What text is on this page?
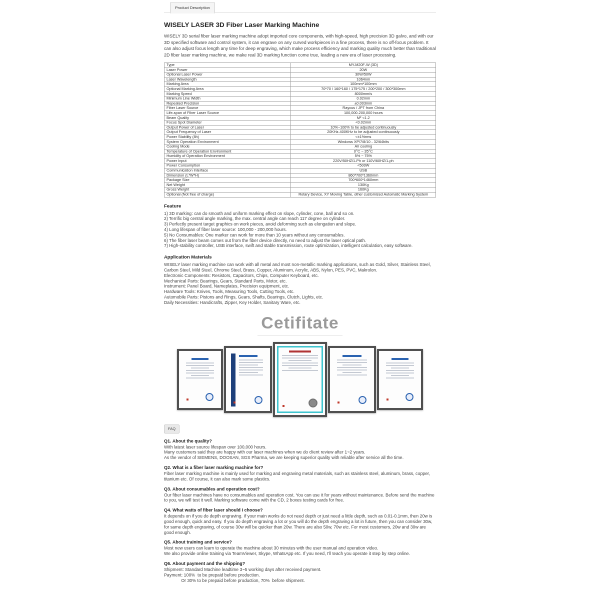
Product Description
WISELY LASER 3D Fiber Laser Marking Machine

WISELY 3D serial fiber laser marking machine adopt imported core components, with high-speed, high precision 3D galvo, and with our 3D specified software and control system, it can engrave on any curved workpieces in a fine process, there is no off-focus problem. It can also adjust focus length any time for deep engraving, which make process efficiency and marking quality much better than traditional 2D fiber laser marking machine, we make real 3D marking function come true, leading a new era of laser processing.

Type	MY-M20F-W (3D)
Laser Power	20W
Optional Laser Power	30W/50W
Laser Wavelength	1064nm
Marking Area	100mm*100mm
Optional Marking Area	70*70 / 160*160 / 175*175 / 200*200 / 300*300mm
Marking Speed	8000mm/s
Minimum Line Width	0.02mm
Repeated Precision	±0.003mm
Fiber Laser Source	Raycus / JPT from China
Life-span of Fiber Laser Source	100,000-200,000 hours
Beam Quality	M² <1.2
Focus Spot Diameter	<0.02mm
Output Power of Laser	10%~100% to be adjusted continuously
Output Frequency of Laser	20KHz-400KHz to be adjusted continuously
Power Stability (8h)	<±1%rms
System Operation Environment	Windows XP/7/8/10 - 32/64bits
Cooling Mode	Air cooling
Temperature of Operation Environment	0°C ~ 35°C
Humidity of Operation Environment	5% ~ 75%
Power Input	220V/50HZ/1-Ph or 110V/60HZ/1-ph
Power Consumption	<500W
Communication Interface	USB
Dimension (L*W*H)	860*700*1360mm
Package Size	700*600*1460mm
Net Weight	130Kg
Gross Weight	160Kg
Optional (Not free of charge)	Rotary Device, XY Moving Table, other customized Automatic Marking System
Feature
1) 3D marking: can do smooth and uniform marking effect on slope, cylinder, cone, ball and so on.
2) Terrific big central angle marking, the max. central angle can reach 117 degree on cylinder.
3) Perfectly present target graphics on work pieces, avoid deforming such as elongation and slope.
4) Long lifespan of fiber laser source: 100,000 - 200,000 hours.
5) No Consumables: One marker can work for more than 10 years without any consumables.
6) The fiber laser beam comes out from the fiber device directly, no need to adjust the laser optical path.
7) High-stability controller, USB interface, swift and stable transmission, route optimization, intelligent calculation, easy software.
Application Materials
WISELY laser marking machine can work with all metal and most non-metallic marking applications, such as Gold, Silver, Stainless Steel, Carbon Steel, Mild Steel, Chrome Steel, Brass, Copper, Aluminum, Acrylic, ABS, Nylon, PES, PVC, Makrolon.
Electronic Components: Resistors, Capacitors, Chips, Computer Keyboard, etc.
Mechanical Parts: Bearings, Gears, Standard Parts, Motor, etc.
Instrument: Panel Board, Nameplates, Precision equipment, etc.
Hardware Tools: Knives, Tools, Measuring Tools, Cutting Tools, etc.
Automobile Parts: Pistons and Rings, Gears, Shafts, Bearings, Clutch, Lights, etc.
Daily Necessities: Handicrafts, Zipper, Key Holder, Sanitary Ware, etc.
Cetifitate
FAQ
Q1. About the quality?
With latest laser source lifespan over 100,000 hours.
Many customers said they are happy with our laser machines when we do client review after 1~2 years.
As the vendor of SIEMENS, DOOSAN, SGS Pharma, we are keeping superior quality with reliable after service all the time.
Q2. What is a fiber laser marking machine for?
Fiber laser marking machine is mainly used for marking and engraving metal materials, such as stainless steel, aluminum, brass, copper, titanium etc. Of course, it can also mark some plastics.
Q3. About consumables and operation cost?
Our fiber laser machines have no consumables and operation cost. You can use it for years without maintenance. Before send the machine to you, we will test it well. Marking software come with the CD, 2 boxes testing cards for free.
Q4. What watts of fiber laser should I choose?
It depends on if you do depth engraving. If your main works do not need depth or just need a little depth, such as 0.01-0.1mm, then 20w is good enough, quick and easy. If you do depth engraving a lot or you will do the depth engraving a lot in future, then you can consider 30w, for same depth engraving, of course 30w will be quicker than 20w. There are also 50w, 70w etc. For most customers, 20w and 30w are good enough.
Q5. About training and service?
Most new users can learn to operate the machine about 30 minutes with the user manual and operation video.
We also provide online training via TeamViewer, Skype, WhatsApp etc. If you need, I'll teach you operate it step by step online.
Q6. About payment and the shipping?
Shipment: Standard Machine leadtime 3~5 working days after received payment.
Payment: 100%  to be prepaid before production.
Or 30% to be prepaid before production, 70%  before shipment.
